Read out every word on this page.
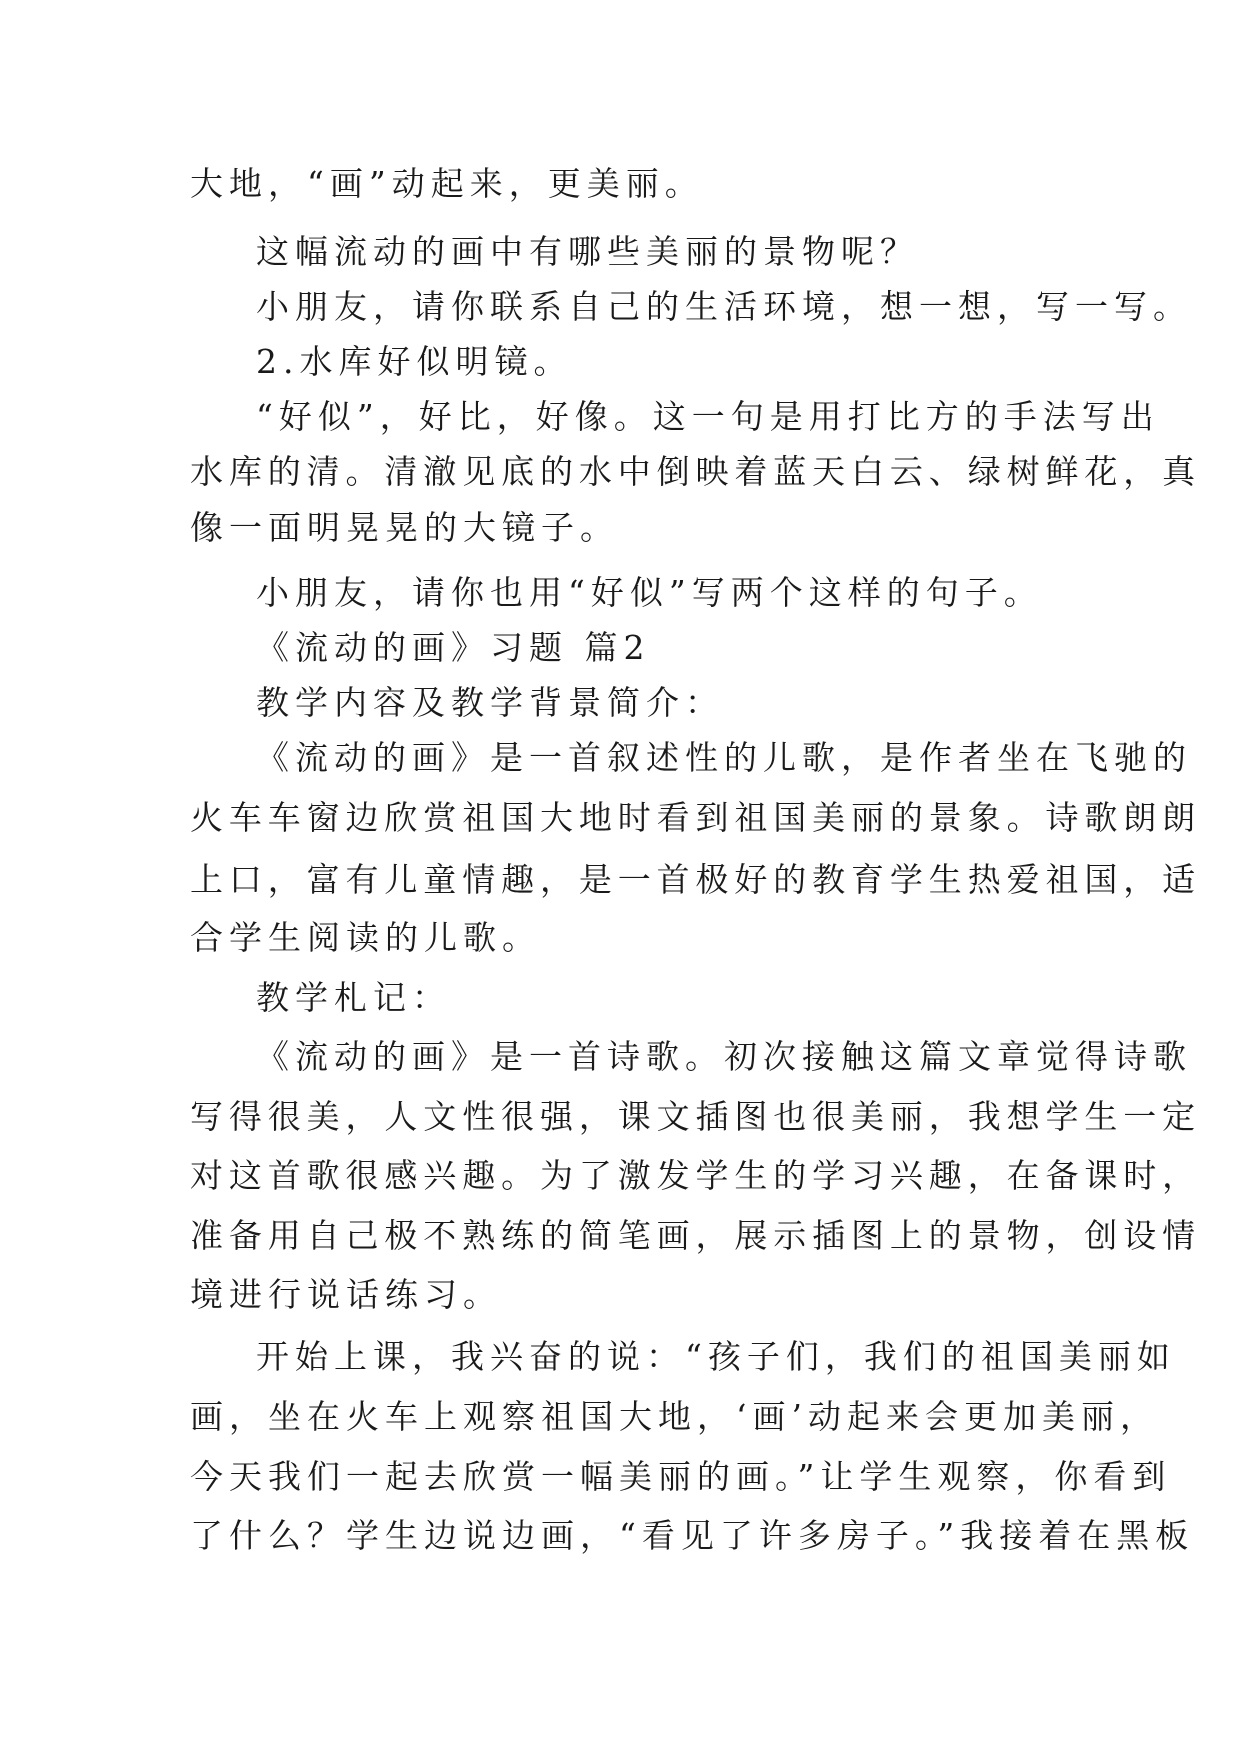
大地，“画”动起来，更美丽。
这幅流动的画中有哪些美丽的景物呢？
小朋友，请你联系自己的生活环境，想一想，写一写。
2.水库好似明镜。
“好似”，好比，好像。这一句是用打比方的手法写出
水库的清。清澈见底的水中倒映着蓝天白云、绿树鲜花，真
像一面明晃晃的大镜子。
小朋友，请你也用“好似”写两个这样的句子。
《流动的画》习题 篇2
教学内容及教学背景简介：
《流动的画》是一首叙述性的儿歌，是作者坐在飞驰的
火车车窗边欣赏祖国大地时看到祖国美丽的景象。诗歌朗朗
上口，富有儿童情趣，是一首极好的教育学生热爱祖国，适
合学生阅读的儿歌。
教学札记：
《流动的画》是一首诗歌。初次接触这篇文章觉得诗歌
写得很美，人文性很强，课文插图也很美丽，我想学生一定
对这首歌很感兴趣。为了激发学生的学习兴趣，在备课时，
准备用自己极不熟练的简笔画，展示插图上的景物，创设情
境进行说话练习。
开始上课，我兴奋的说：“孩子们，我们的祖国美丽如
画，坐在火车上观察祖国大地，‘画’动起来会更加美丽，
今天我们一起去欣赏一幅美丽的画。”让学生观察，你看到
了什么？学生边说边画，“看见了许多房子。”我接着在黑板
